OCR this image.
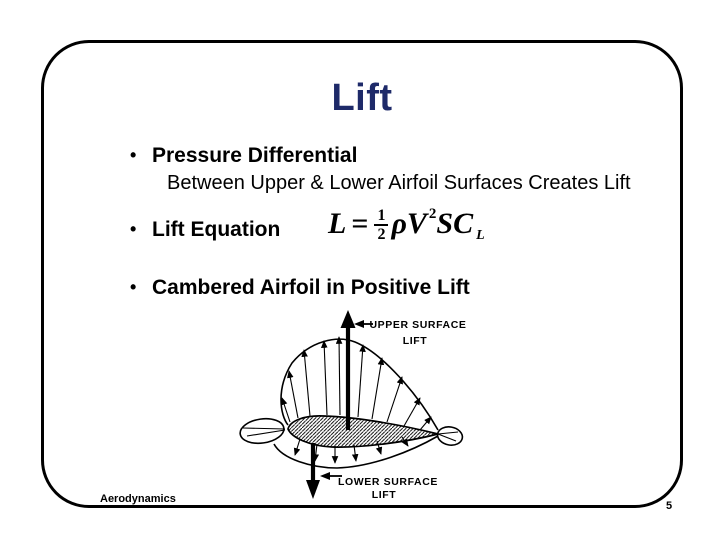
Lift
• Pressure Differential
Between Upper & Lower Airfoil Surfaces Creates Lift
• Lift Equation $L = \frac{1}{2}$ ρ $V^2$ $SC_L$
• Cambered Airfoil in Positive Lift
UPPER SURFACE
LIFT
LOWER SURFACE
LIFT
Aerodynamics
5
